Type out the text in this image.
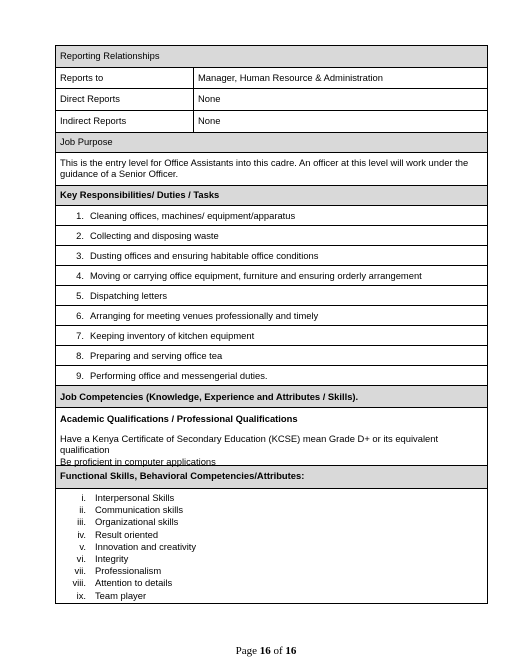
Reporting Relationships
Reports to	Manager, Human Resource & Administration
Direct Reports	None
Indirect Reports	None
Job Purpose
This is the entry level for Office Assistants into this cadre. An officer at this level will work under the guidance of a Senior Officer.
Key Responsibilities/ Duties / Tasks
1. Cleaning offices, machines/ equipment/apparatus
2. Collecting and disposing waste
3. Dusting offices and ensuring habitable office conditions
4. Moving or carrying office equipment, furniture and ensuring orderly arrangement
5. Dispatching letters
6. Arranging for meeting venues professionally and timely
7. Keeping inventory of kitchen equipment
8. Preparing and serving office tea
9. Performing office and messengerial duties.
Job Competencies (Knowledge, Experience and Attributes / Skills).
Academic Qualifications / Professional Qualifications
Have a Kenya Certificate of Secondary Education (KCSE) mean Grade D+ or its equivalent qualification
Be proficient in computer applications
Functional Skills, Behavioral Competencies/Attributes:
i. Interpersonal Skills
ii. Communication skills
iii. Organizational skills
iv. Result oriented
v. Innovation and creativity
vi. Integrity
vii. Professionalism
viii. Attention to details
ix. Team player
Page 16 of 16
